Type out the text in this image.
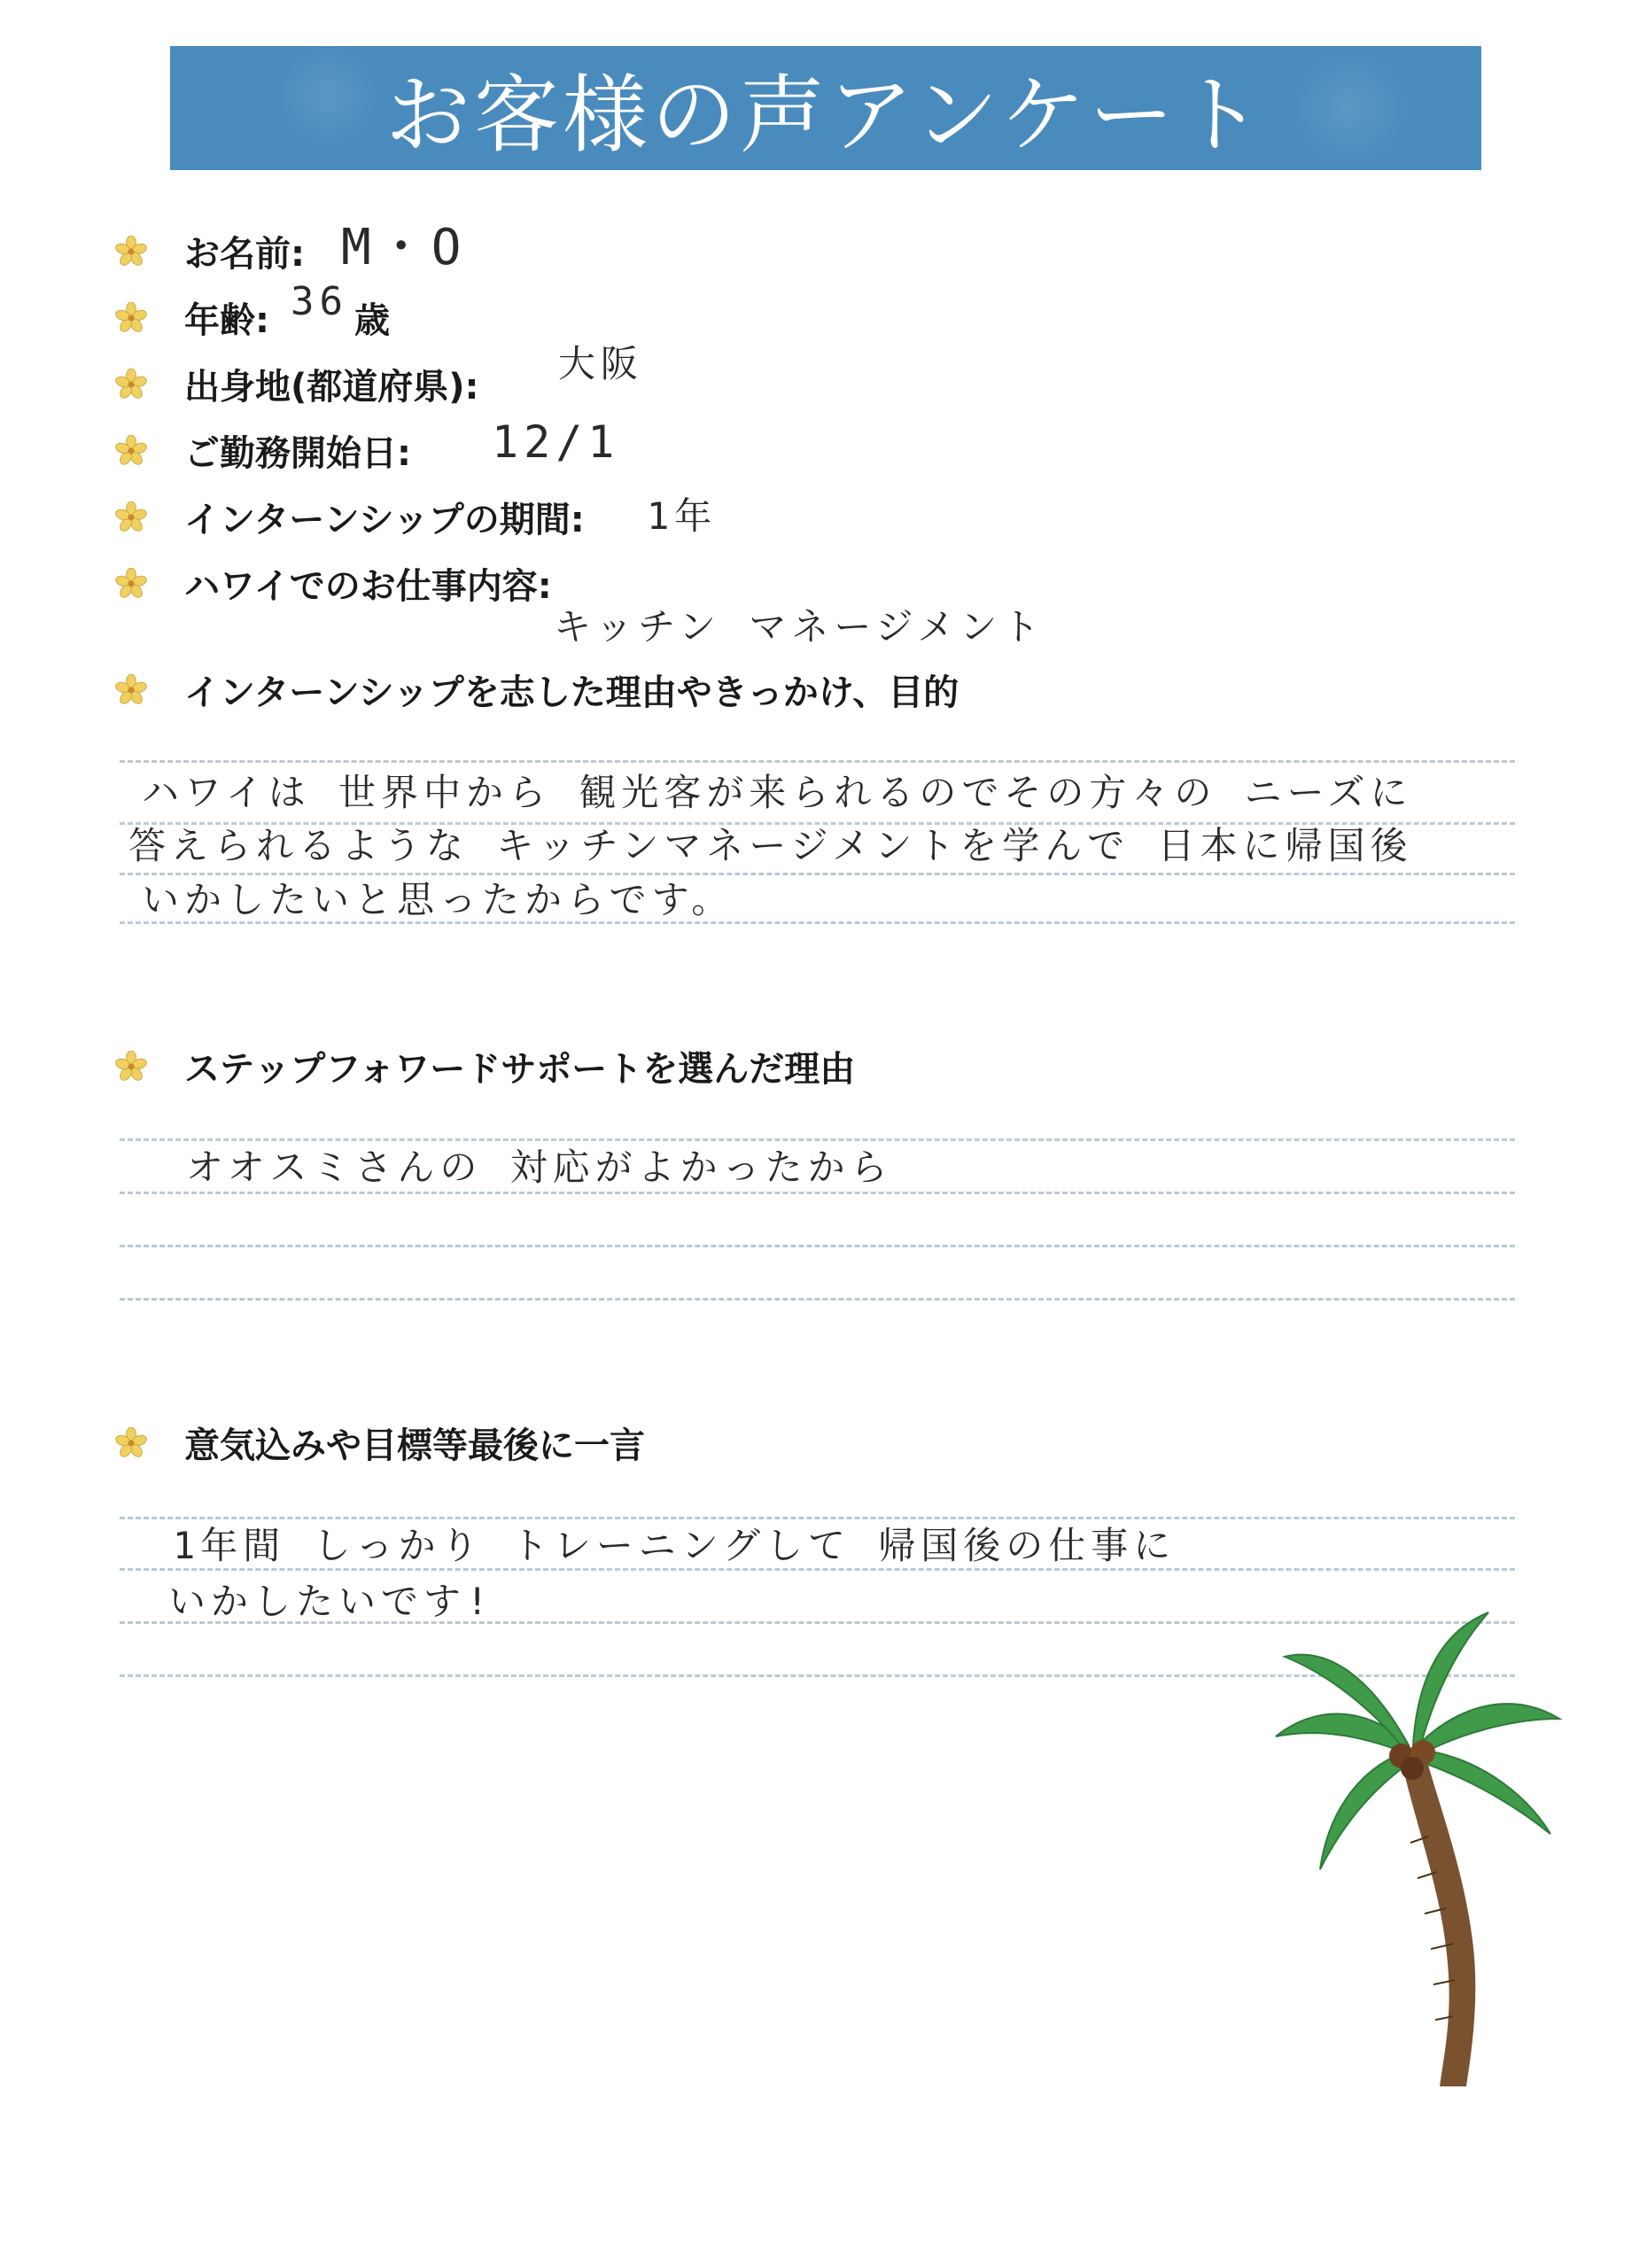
お客様の声アンケート
お名前: M・O
年齢: 36 歳
出身地(都道府県):
大阪
ご勤務開始日: 12/1
インターンシップの期間: 1年
ハワイでのお仕事内容:
キッチン マネージメント
インターンシップを志した理由やきっかけ、目的
ハワイは 世界中から 観光客が来られるのでその方々の ニーズに
答えられるような キッチンマネージメントを学んで 日本に帰国後
いかしたいと思ったからです。
ステップフォワードサポートを選んだ理由
オオスミさんの 対応がよかったから
意気込みや目標等最後に一言
1年間 しっかり トレーニングして 帰国後の仕事に
いかしたいです!
